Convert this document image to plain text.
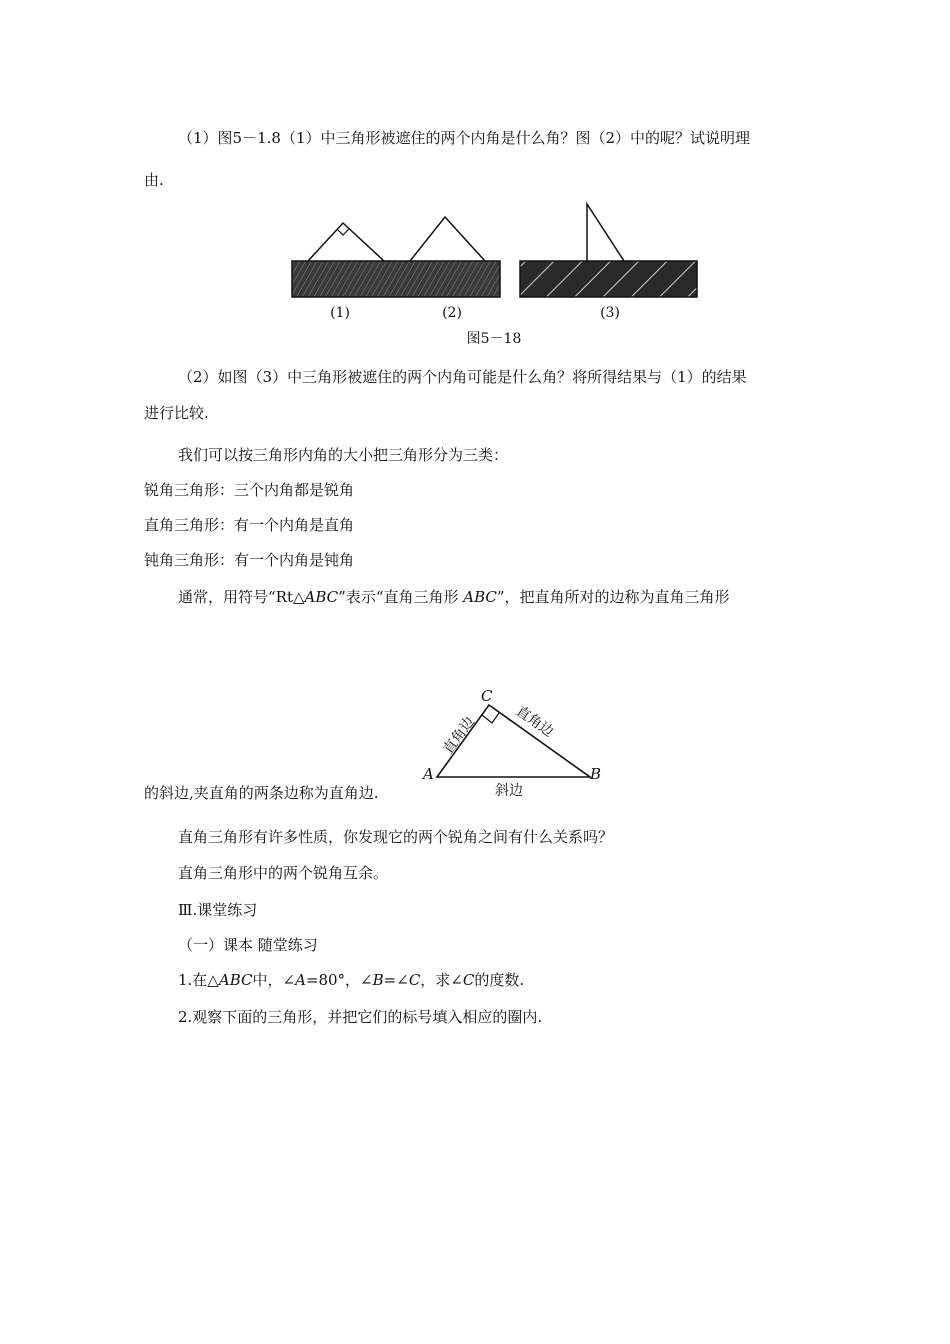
（1）图5－1.8（1）中三角形被遮住的两个内角是什么角？图（2）中的呢？试说明理
由.
(1)	(2)	(3)
图5－18
（2）如图（3）中三角形被遮住的两个内角可能是什么角？将所得结果与（1）的结果
进行比较.
我们可以按三角形内角的大小把三角形分为三类：
锐角三角形：三个内角都是锐角
直角三角形：有一个内角是直角
钝角三角形：有一个内角是钝角
通常，用符号“Rt△ABC”表示“直角三角形 ABC”，把直角所对的边称为直角三角形
的斜边,夹直角的两条边称为直角边.
A	B
C
直角边 直角边
斜边
直角三角形有许多性质，你发现它的两个锐角之间有什么关系吗？
直角三角形中的两个锐角互余。
Ⅲ.课堂练习
（一）课本 随堂练习
1.在△ABC中，∠A=80°，∠B=∠C，求∠C的度数.
2.观察下面的三角形，并把它们的标号填入相应的圈内.
